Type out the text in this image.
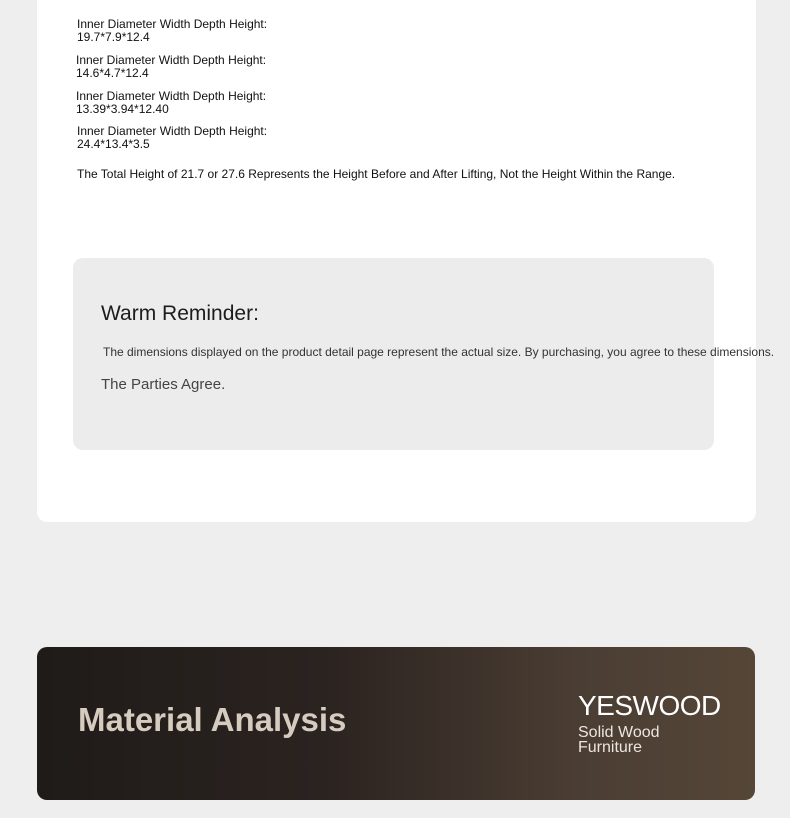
Inner Diameter Width Depth Height:
19.7*7.9*12.4
Inner Diameter Width Depth Height:
14.6*4.7*12.4
Inner Diameter Width Depth Height:
13.39*3.94*12.40
Inner Diameter Width Depth Height:
24.4*13.4*3.5
The Total Height of 21.7 or 27.6 Represents the Height Before and After Lifting, Not the Height Within the Range.
Warm Reminder:
The dimensions displayed on the product detail page represent the actual size. By purchasing, you agree to these dimensions.
The Parties Agree.
Material Analysis	YESWOOD
Solid Wood
Furniture
